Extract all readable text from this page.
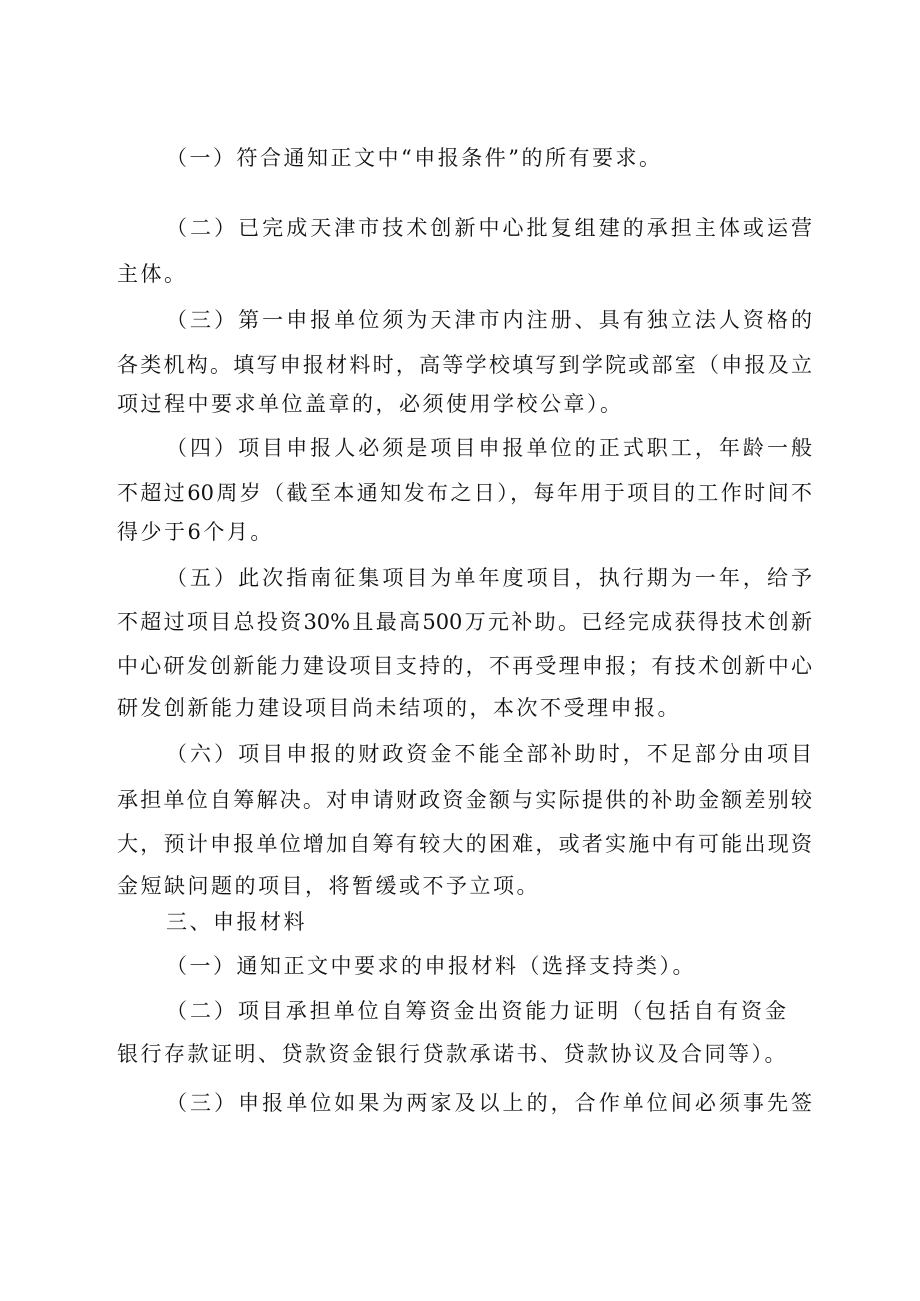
（一）符合通知正文中“申报条件”的所有要求。
（二）已完成天津市技术创新中心批复组建的承担主体或运营
主体。
（三）第一申报单位须为天津市内注册、具有独立法人资格的
各类机构。填写申报材料时，高等学校填写到学院或部室（申报及立
项过程中要求单位盖章的，必须使用学校公章）。
（四）项目申报人必须是项目申报单位的正式职工，年龄一般
不超过60周岁（截至本通知发布之日），每年用于项目的工作时间不
得少于6个月。
（五）此次指南征集项目为单年度项目，执行期为一年，给予
不超过项目总投资30%且最高500万元补助。已经完成获得技术创新
中心研发创新能力建设项目支持的，不再受理申报；有技术创新中心
研发创新能力建设项目尚未结项的，本次不受理申报。
（六）项目申报的财政资金不能全部补助时，不足部分由项目
承担单位自筹解决。对申请财政资金额与实际提供的补助金额差别较
大，预计申报单位增加自筹有较大的困难，或者实施中有可能出现资
金短缺问题的项目，将暂缓或不予立项。
三、申报材料
（一）通知正文中要求的申报材料（选择支持类）。
（二）项目承担单位自筹资金出资能力证明（包括自有资金
银行存款证明、贷款资金银行贷款承诺书、贷款协议及合同等）。
（三）申报单位如果为两家及以上的，合作单位间必须事先签
